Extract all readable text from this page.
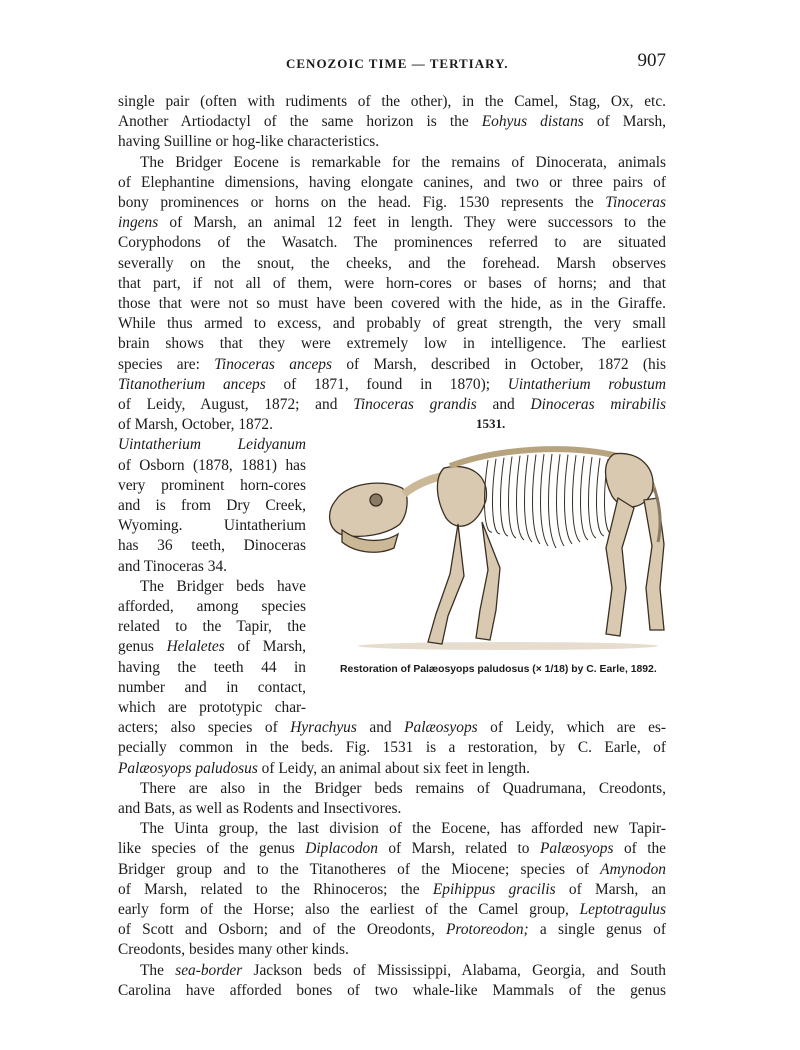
CENOZOIC TIME — TERTIARY.	907
single pair (often with rudiments of the other), in the Camel, Stag, Ox, etc.
Another Artiodactyl of the same horizon is the Eohyus distans of Marsh,
having Suilline or hog-like characteristics.
The Bridger Eocene is remarkable for the remains of Dinocerata, animals
of Elephantine dimensions, having elongate canines, and two or three pairs of
bony prominences or horns on the head. Fig. 1530 represents the Tinoceras
ingens of Marsh, an animal 12 feet in length. They were successors to the
Coryphodons of the Wasatch. The prominences referred to are situated
severally on the snout, the cheeks, and the forehead. Marsh observes
that part, if not all of them, were horn-cores or bases of horns; and that
those that were not so must have been covered with the hide, as in the Giraffe.
While thus armed to excess, and probably of great strength, the very small
brain shows that they were extremely low in intelligence. The earliest
species are: Tinoceras anceps of Marsh, described in October, 1872 (his
Titanotherium anceps of 1871, found in 1870); Uintatherium robustum
of Leidy, August, 1872; and Tinoceras grandis and Dinoceras mirabilis
of Marsh, October, 1872.
Uintatherium Leidyanum
of Osborn (1878, 1881) has
very prominent horn-cores
and is from Dry Creek,
Wyoming. Uintatherium
has 36 teeth, Dinoceras
and Tinoceras 34.
The Bridger beds have
afforded, among species
related to the Tapir, the
genus Helaletes of Marsh,
having the teeth 44 in
number and in contact,
which are prototypic char-
acters; also species of Hyrachyus and Palæosyops of Leidy, which are es-
pecially common in the beds. Fig. 1531 is a restoration, by C. Earle, of
Palæosyops paludosus of Leidy, an animal about six feet in length.
There are also in the Bridger beds remains of Quadrumana, Creodonts,
and Bats, as well as Rodents and Insectivores.
The Uinta group, the last division of the Eocene, has afforded new Tapir-
like species of the genus Diplacodon of Marsh, related to Palæosyops of the
Bridger group and to the Titanotheres of the Miocene; species of Amynodon
of Marsh, related to the Rhinoceros; the Epihippus gracilis of Marsh, an
early form of the Horse; also the earliest of the Camel group, Leptotragulus
of Scott and Osborn; and of the Oreodonts, Protoreodon; a single genus of
Creodonts, besides many other kinds.
The sea-border Jackson beds of Mississippi, Alabama, Georgia, and South
Carolina have afforded bones of two whale-like Mammals of the genus
1531.
Restoration of Palæosyops paludosus (× 1/18) by C. Earle, 1892.
